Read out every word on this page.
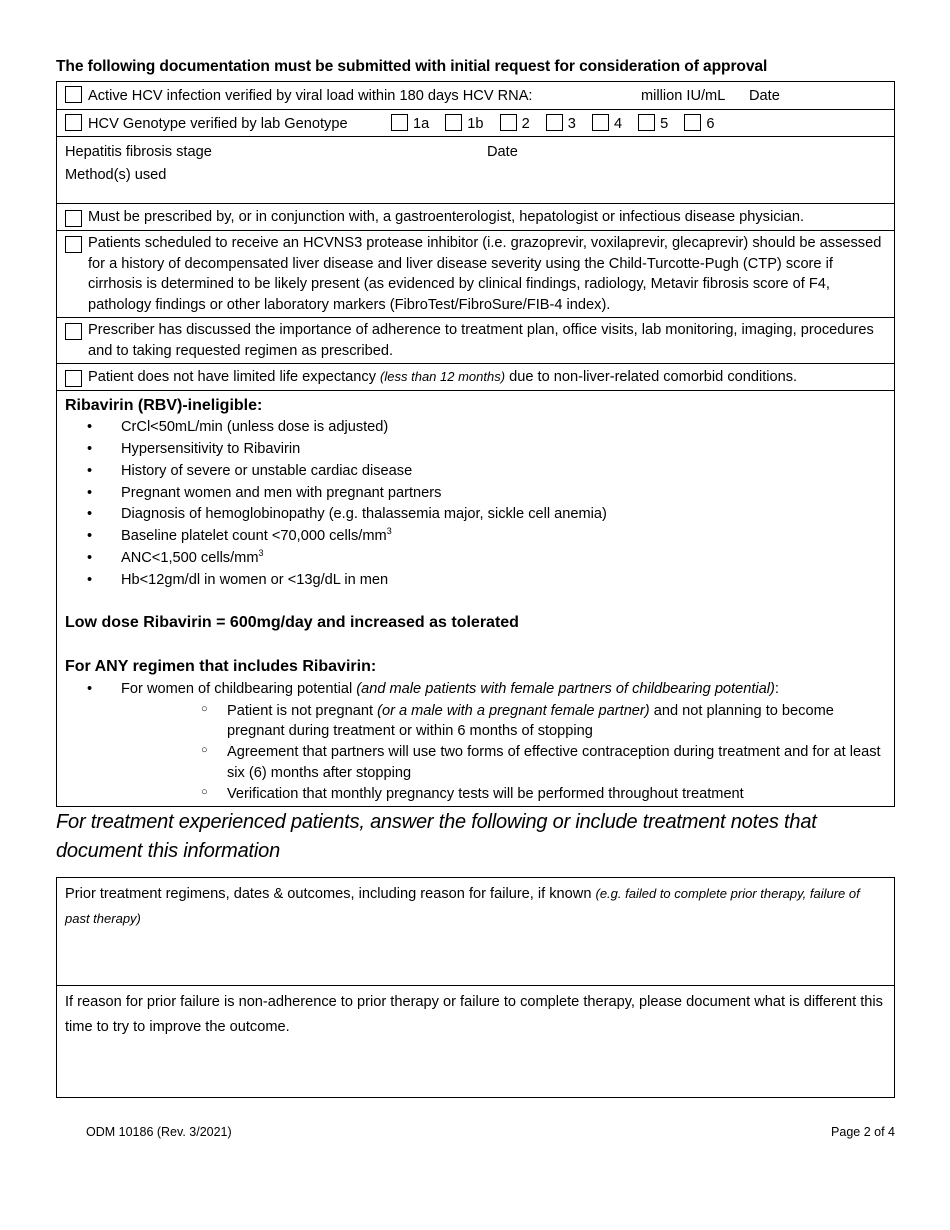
The following documentation must be submitted with initial request for consideration of approval
Active HCV infection verified by viral load within 180 days HCV RNA:	million IU/mL Date
HCV Genotype verified by lab Genotype	1a	1b	2	3	4	5	6
Hepatitis fibrosis stage	Date
Method(s) used
Must be prescribed by, or in conjunction with, a gastroenterologist, hepatologist or infectious disease physician.
Patients scheduled to receive an HCVNS3 protease inhibitor (i.e. grazoprevir, voxilaprevir, glecaprevir) should be assessed for a history of decompensated liver disease and liver disease severity using the Child-Turcotte-Pugh (CTP) score if cirrhosis is determined to be likely present (as evidenced by clinical findings, radiology, Metavir fibrosis score of F4, pathology findings or other laboratory markers (FibroTest/FibroSure/FIB-4 index).
Prescriber has discussed the importance of adherence to treatment plan, office visits, lab monitoring, imaging, procedures and to taking requested regimen as prescribed.
Patient does not have limited life expectancy (less than 12 months) due to non-liver-related comorbid conditions.
Ribavirin (RBV)-ineligible:
• CrCl<50mL/min (unless dose is adjusted)
• Hypersensitivity to Ribavirin
• History of severe or unstable cardiac disease
• Pregnant women and men with pregnant partners
• Diagnosis of hemoglobinopathy (e.g. thalassemia major, sickle cell anemia)
• Baseline platelet count <70,000 cells/$mm^3$
• ANC<1,500 cells/$mm^3$
• Hb<12gm/dl in women or <13g/dL in men
Low dose Ribavirin = 600mg/day and increased as tolerated
For ANY regimen that includes Ribavirin:
• For women of childbearing potential (and male patients with female partners of childbearing potential):
○ Patient is not pregnant (or a male with a pregnant female partner) and not planning to become pregnant during treatment or within 6 months of stopping
○ Agreement that partners will use two forms of effective contraception during treatment and for at least six (6) months after stopping
○ Verification that monthly pregnancy tests will be performed throughout treatment
For treatment experienced patients, answer the following or include treatment notes that document this information
Prior treatment regimens, dates & outcomes, including reason for failure, if known (e.g. failed to complete prior therapy, failure of past therapy)
If reason for prior failure is non-adherence to prior therapy or failure to complete therapy, please document what is different this time to try to improve the outcome.
ODM 10186 (Rev. 3/2021)	Page 2 of 4
